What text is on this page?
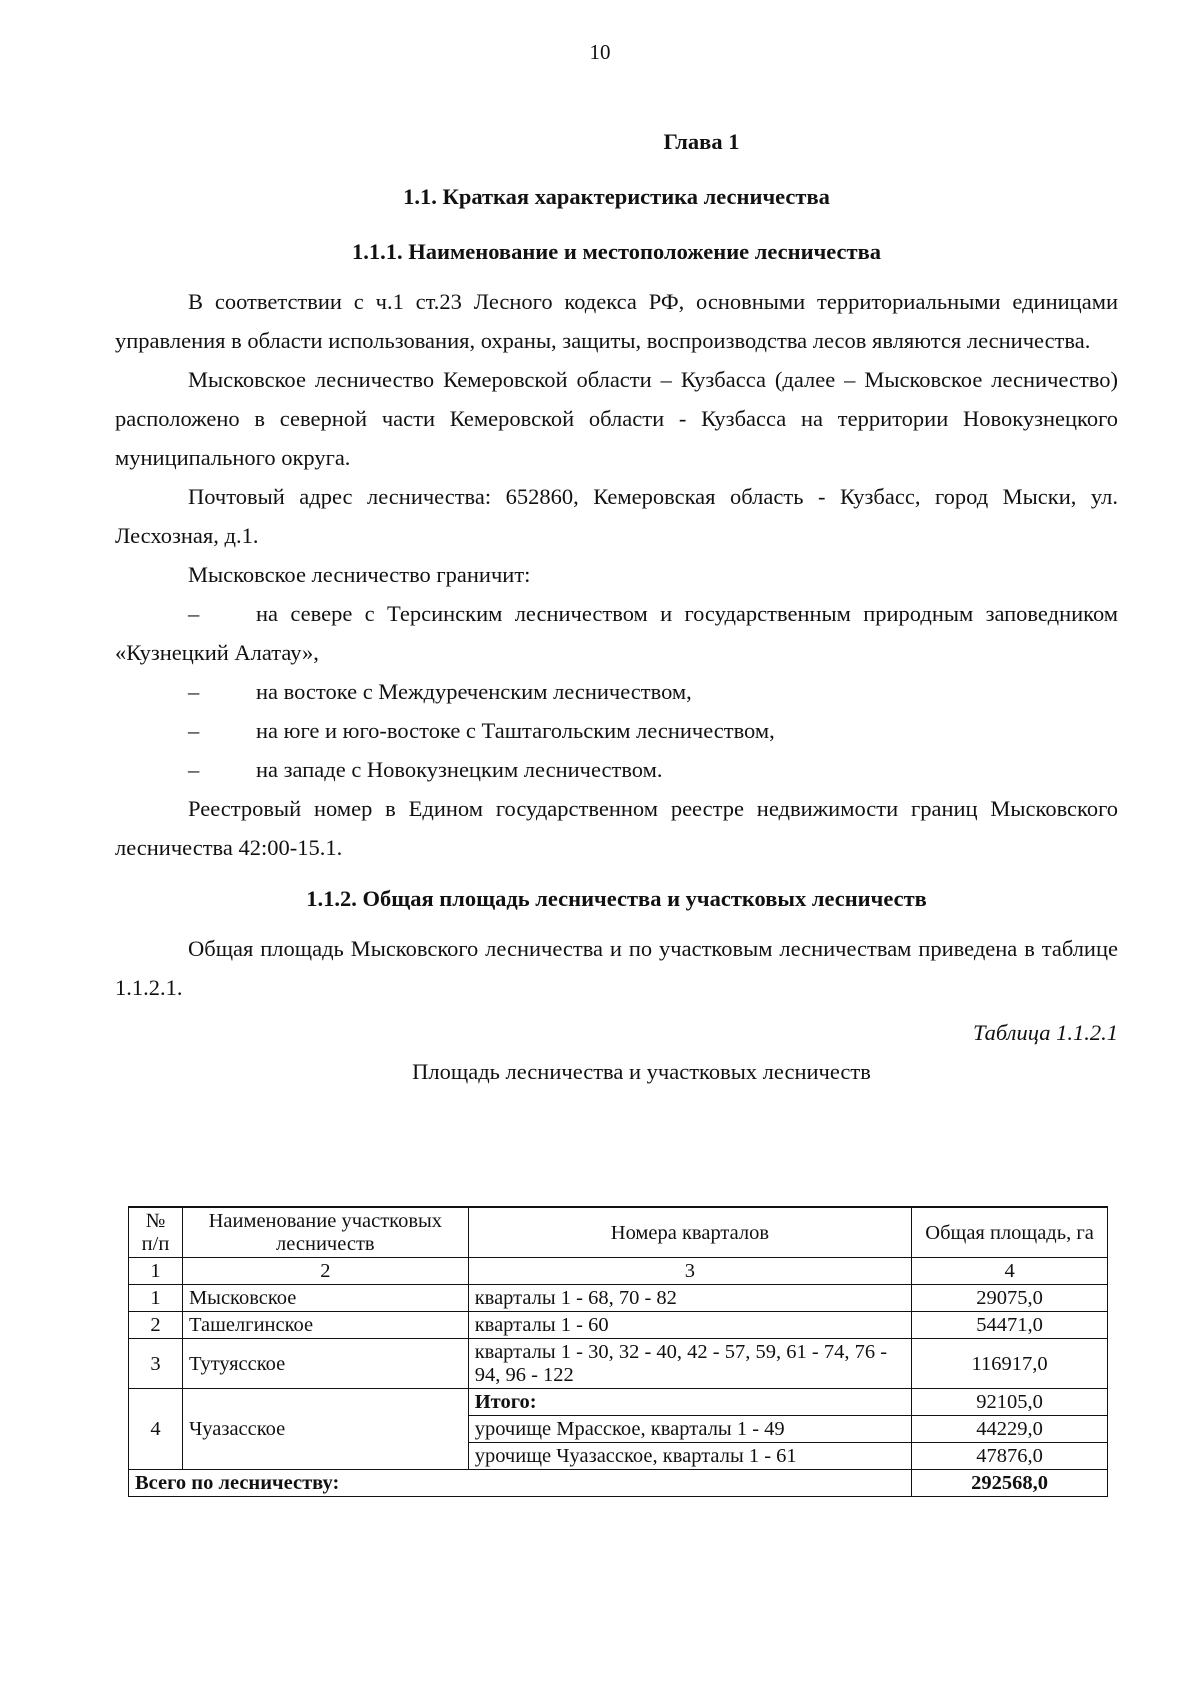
10
Глава 1
1.1. Краткая характеристика лесничества
1.1.1. Наименование и местоположение лесничества

В соответствии с ч.1 ст.23 Лесного кодекса РФ, основными территориальными единицами управления в области использования, охраны, защиты, воспроизводства лесов являются лесничества.

Мысковское лесничество Кемеровской области – Кузбасса (далее – Мысковское лесничество) расположено в северной части Кемеровской области - Кузбасса на территории Новокузнецкого муниципального округа.

Почтовый адрес лесничества: 652860, Кемеровская область - Кузбасс, город Мыски, ул. Лесхозная, д.1.

Мысковское лесничество граничит:

–	на севере с Терсинским лесничеством и государственным природным заповедником «Кузнецкий Алатау»,

–	на востоке с Междуреченским лесничеством,

–	на юге и юго-востоке с Таштагольским лесничеством,

–	на западе с Новокузнецким лесничеством.

Реестровый номер в Едином государственном реестре недвижимости границ Мысковского лесничества 42:00-15.1.

1.1.2. Общая площадь лесничества и участковых лесничеств

Общая площадь Мысковского лесничества и по участковым лесничествам приведена в таблице 1.1.2.1.

Таблица 1.1.2.1
Площадь лесничества и участковых лесничеств
№ п/п	Наименование участковых лесничеств	Номера кварталов	Общая площадь, га
1	2	3	4
1	Мысковское	кварталы 1 - 68, 70 - 82	29075,0
2	Ташелгинское	кварталы 1 - 60	54471,0
3	Тутуясское	кварталы 1 - 30, 32 - 40, 42 - 57, 59, 61 - 74, 76 - 94, 96 - 122	116917,0
4	Чуазасское	Итого:	92105,0
		урочище Мрасское, кварталы 1 - 49	44229,0
		урочище Чуазасское, кварталы 1 - 61	47876,0
Всего по лесничеству:			292568,0
